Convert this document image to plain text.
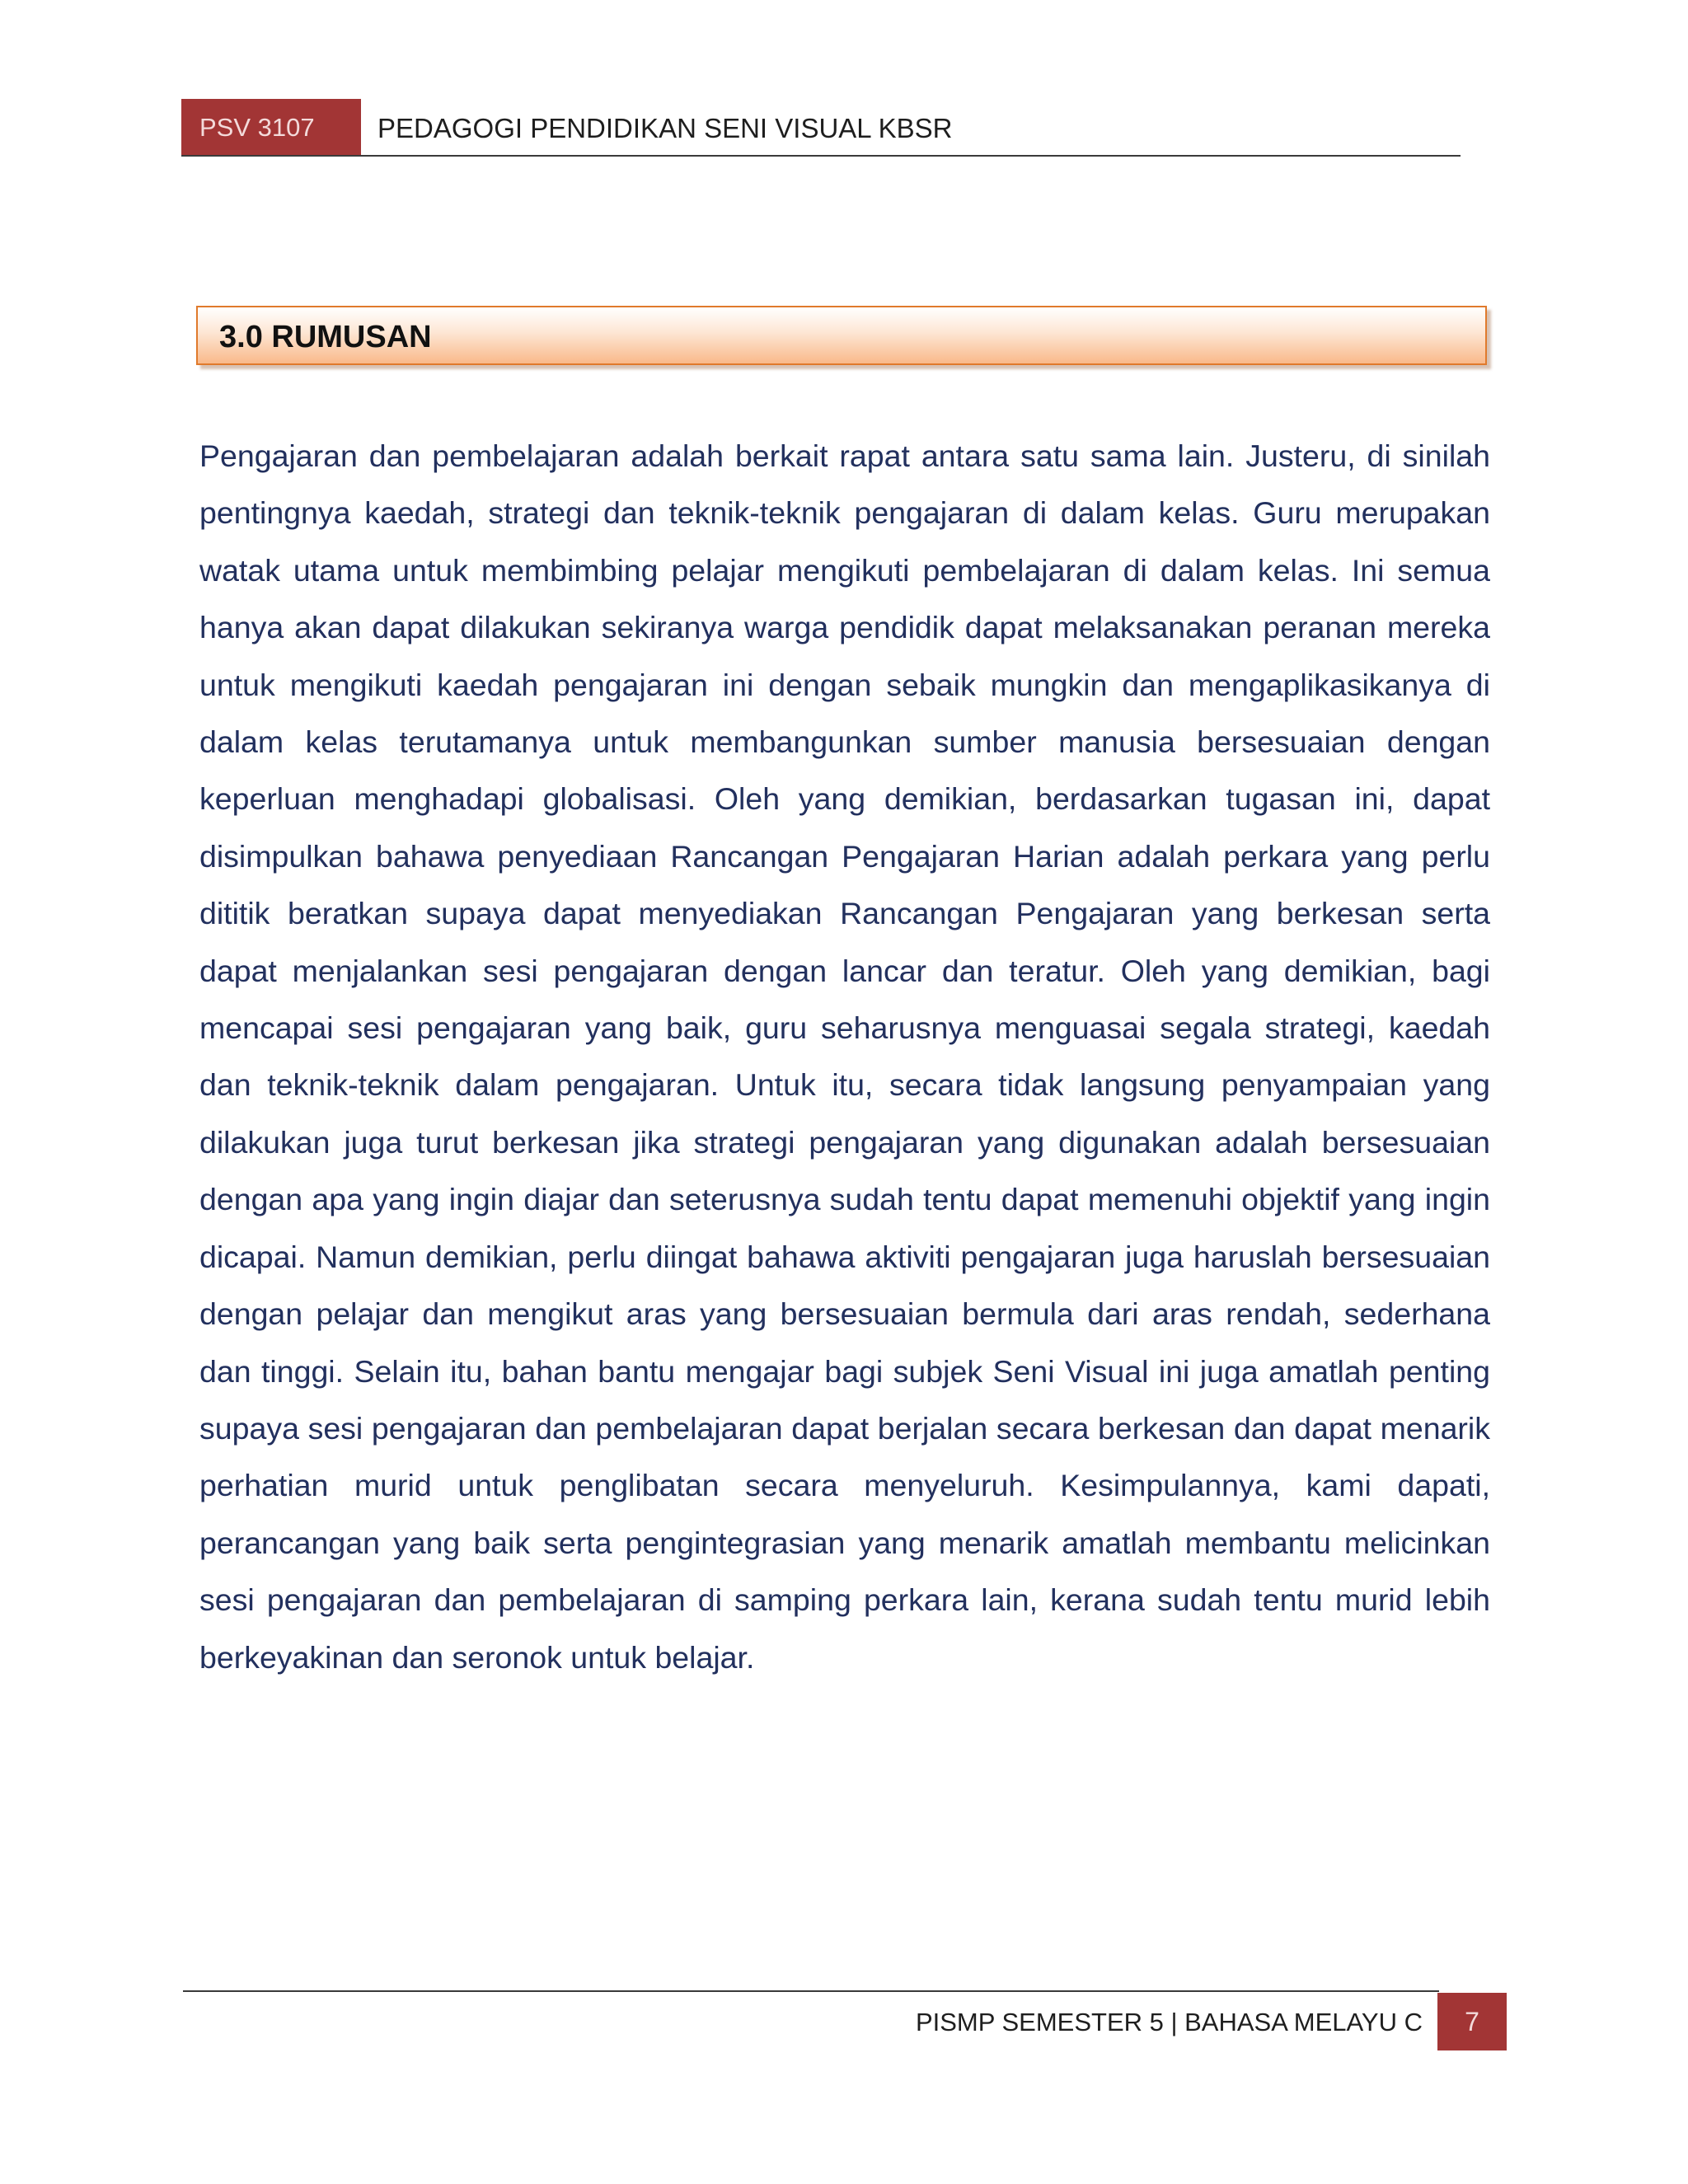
PSV 3107	PEDAGOGI PENDIDIKAN SENI VISUAL KBSR
3.0 RUMUSAN

Pengajaran dan pembelajaran adalah berkait rapat antara satu sama lain. Justeru, di sinilah pentingnya kaedah, strategi dan teknik-teknik pengajaran di dalam kelas. Guru merupakan watak utama untuk membimbing pelajar mengikuti pembelajaran di dalam kelas. Ini semua hanya akan dapat dilakukan sekiranya warga pendidik dapat melaksanakan peranan mereka untuk mengikuti kaedah pengajaran ini dengan sebaik mungkin dan mengaplikasikanya di dalam kelas terutamanya untuk membangunkan sumber manusia bersesuaian dengan keperluan menghadapi globalisasi. Oleh yang demikian, berdasarkan tugasan ini, dapat disimpulkan bahawa penyediaan Rancangan Pengajaran Harian adalah perkara yang perlu dititik beratkan supaya dapat menyediakan Rancangan Pengajaran yang berkesan serta dapat menjalankan sesi pengajaran dengan lancar dan teratur. Oleh yang demikian, bagi mencapai sesi pengajaran yang baik, guru seharusnya menguasai segala strategi, kaedah dan teknik-teknik dalam pengajaran. Untuk itu, secara tidak langsung penyampaian yang dilakukan juga turut berkesan jika strategi pengajaran yang digunakan adalah bersesuaian dengan apa yang ingin diajar dan seterusnya sudah tentu dapat memenuhi objektif yang ingin dicapai. Namun demikian, perlu diingat bahawa aktiviti pengajaran juga haruslah bersesuaian dengan pelajar dan mengikut aras yang bersesuaian bermula dari aras rendah, sederhana dan tinggi. Selain itu, bahan bantu mengajar bagi subjek Seni Visual ini juga amatlah penting supaya sesi pengajaran dan pembelajaran dapat berjalan secara berkesan dan dapat menarik perhatian murid untuk penglibatan secara menyeluruh. Kesimpulannya, kami dapati, perancangan yang baik serta pengintegrasian yang menarik amatlah membantu melicinkan sesi pengajaran dan pembelajaran di samping perkara lain, kerana sudah tentu murid lebih berkeyakinan dan seronok untuk belajar.

PISMP SEMESTER 5 | BAHASA MELAYU C	7
